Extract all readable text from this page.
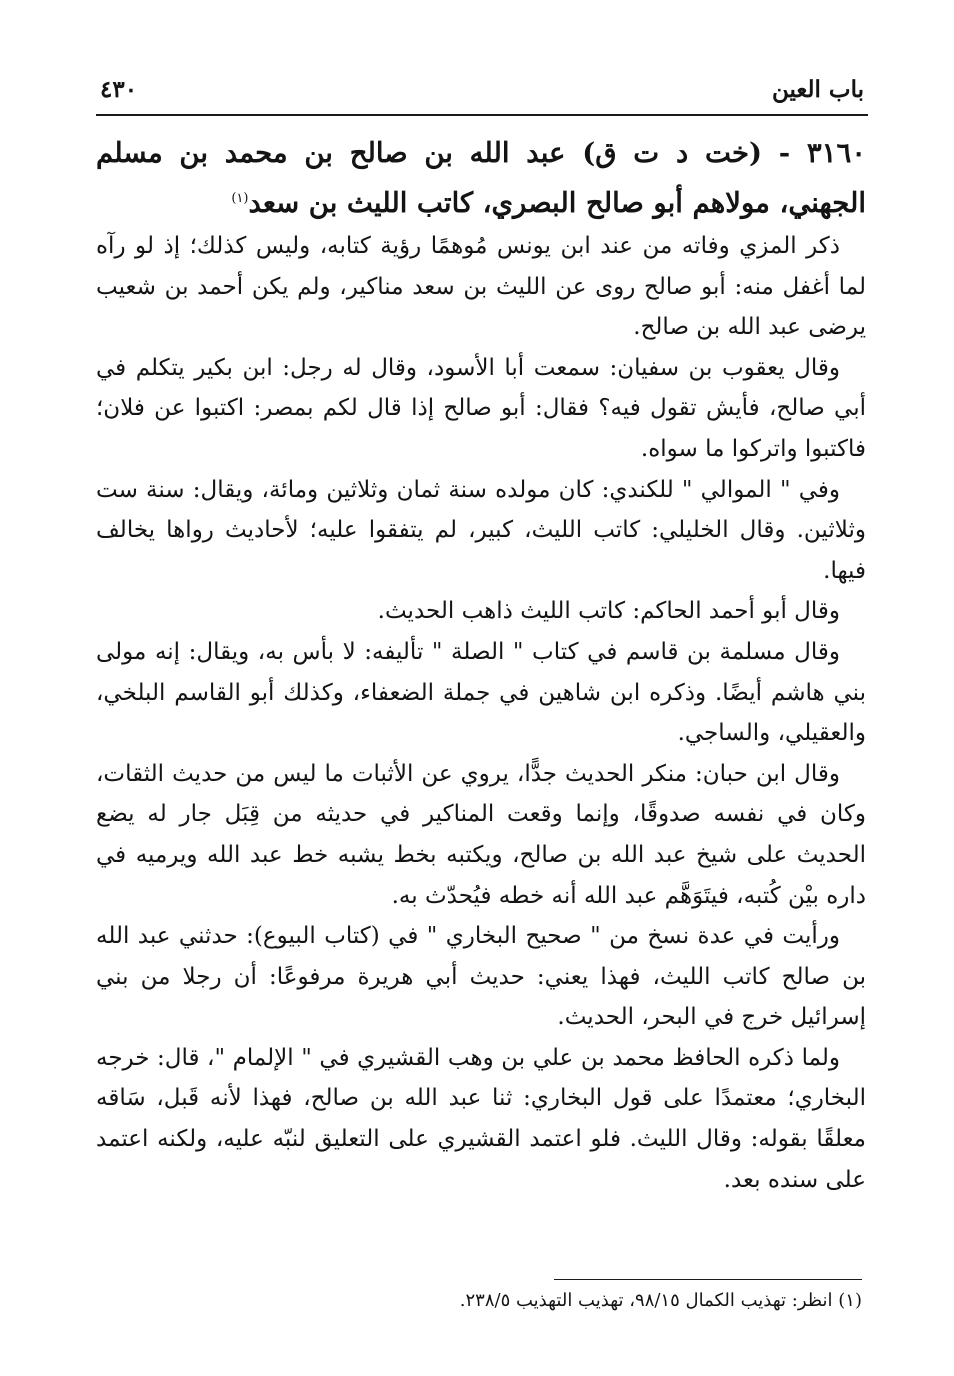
باب العين
٤٣٠
٣١٦٠ - (خت د ت ق) عبد الله بن صالح بن محمد بن مسلم الجهني، مولاهم أبو صالح البصري، كاتب الليث بن سعد$^{(١)}$

ذكر المزي وفاته من عند ابن يونس مُوهمًا رؤية كتابه، وليس كذلك؛ إذ لو رآه لما أغفل منه: أبو صالح روى عن الليث بن سعد مناكير، ولم يكن أحمد بن شعيب يرضى عبد الله بن صالح.

وقال يعقوب بن سفيان: سمعت أبا الأسود، وقال له رجل: ابن بكير يتكلم في أبي صالح، فأيش تقول فيه؟ فقال: أبو صالح إذا قال لكم بمصر: اكتبوا عن فلان؛ فاكتبوا واتركوا ما سواه.

وفي " الموالي " للكندي: كان مولده سنة ثمان وثلاثين ومائة، ويقال: سنة ست وثلاثين. وقال الخليلي: كاتب الليث، كبير، لم يتفقوا عليه؛ لأحاديث رواها يخالف فيها.

وقال أبو أحمد الحاكم: كاتب الليث ذاهب الحديث.

وقال مسلمة بن قاسم في كتاب " الصلة " تأليفه: لا بأس به، ويقال: إنه مولى بني هاشم أيضًا. وذكره ابن شاهين في جملة الضعفاء، وكذلك أبو القاسم البلخي، والعقيلي، والساجي.

وقال ابن حبان: منكر الحديث جدًّا، يروي عن الأثبات ما ليس من حديث الثقات، وكان في نفسه صدوقًا، وإنما وقعت المناكير في حديثه من قِبَل جار له يضع الحديث على شيخ عبد الله بن صالح، ويكتبه بخط يشبه خط عبد الله ويرميه في داره بيْن كُتبه، فيتَوَهَّم عبد الله أنه خطه فيُحدّث به.

ورأيت في عدة نسخ من " صحيح البخاري " في (كتاب البيوع): حدثني عبد الله بن صالح كاتب الليث، فهذا يعني: حديث أبي هريرة مرفوعًا: أن رجلا من بني إسرائيل خرج في البحر، الحديث.

ولما ذكره الحافظ محمد بن علي بن وهب القشيري في " الإلمام "، قال: خرجه البخاري؛ معتمدًا على قول البخاري: ثنا عبد الله بن صالح، فهذا لأنه قَبل، سَاقه معلقًا بقوله: وقال الليث. فلو اعتمد القشيري على التعليق لنبّه عليه، ولكنه اعتمد على سنده بعد.

(١) انظر: تهذيب الكمال ٩٨/١٥، تهذيب التهذيب ٢٣٨/٥.
